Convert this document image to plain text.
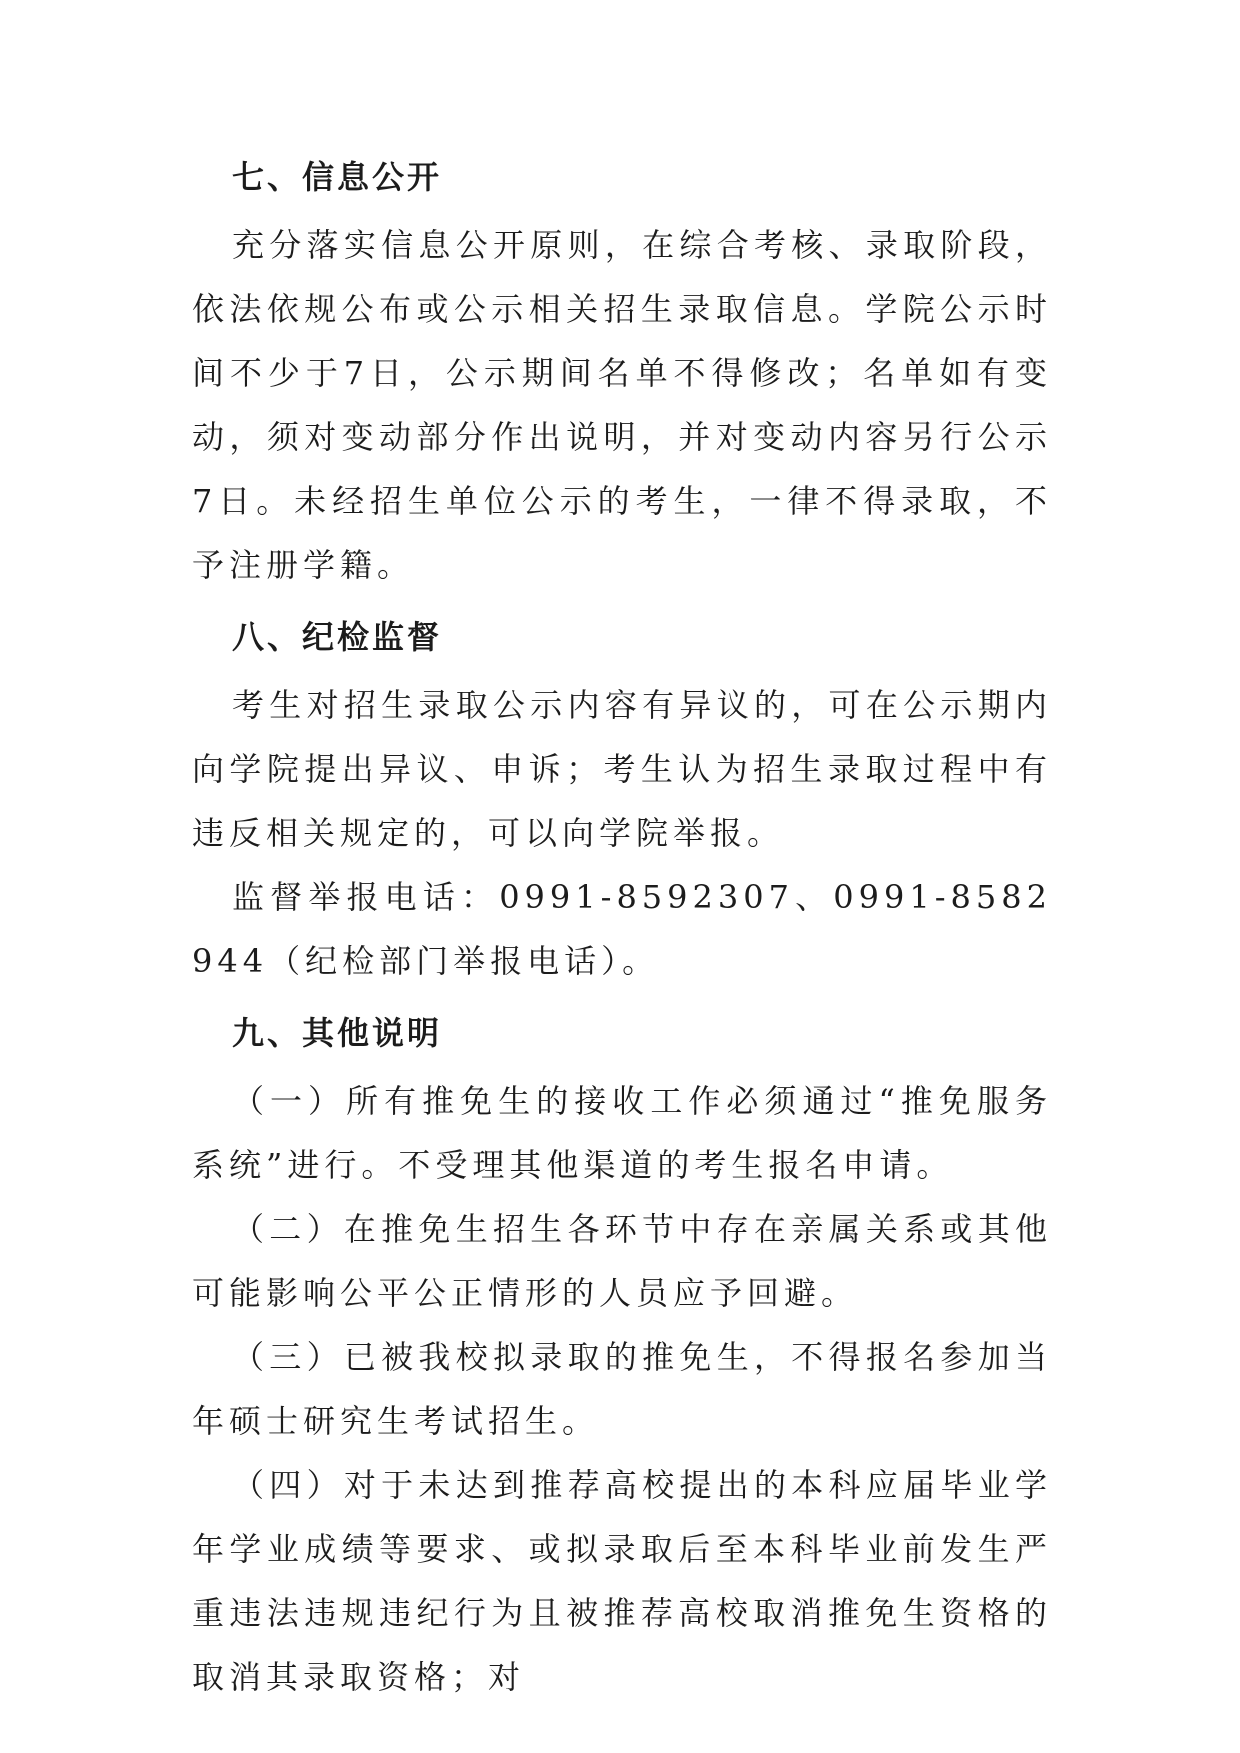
七、信息公开

充分落实信息公开原则，在综合考核、录取阶段，依法依规公布或公示相关招生录取信息。学院公示时间不少于7日，公示期间名单不得修改；名单如有变动，须对变动部分作出说明，并对变动内容另行公示7日。未经招生单位公示的考生，一律不得录取，不予注册学籍。

八、纪检监督

考生对招生录取公示内容有异议的，可在公示期内向学院提出异议、申诉；考生认为招生录取过程中有违反相关规定的，可以向学院举报。

监督举报电话：0991-8592307、0991-8582944（纪检部门举报电话）。

九、其他说明

（一）所有推免生的接收工作必须通过“推免服务系统”进行。不受理其他渠道的考生报名申请。

（二）在推免生招生各环节中存在亲属关系或其他可能影响公平公正情形的人员应予回避。

（三）已被我校拟录取的推免生，不得报名参加当年硕士研究生考试招生。

（四）对于未达到推荐高校提出的本科应届毕业学年学业成绩等要求、或拟录取后至本科毕业前发生严重违法违规违纪行为且被推荐高校取消推免生资格的取消其录取资格；对
